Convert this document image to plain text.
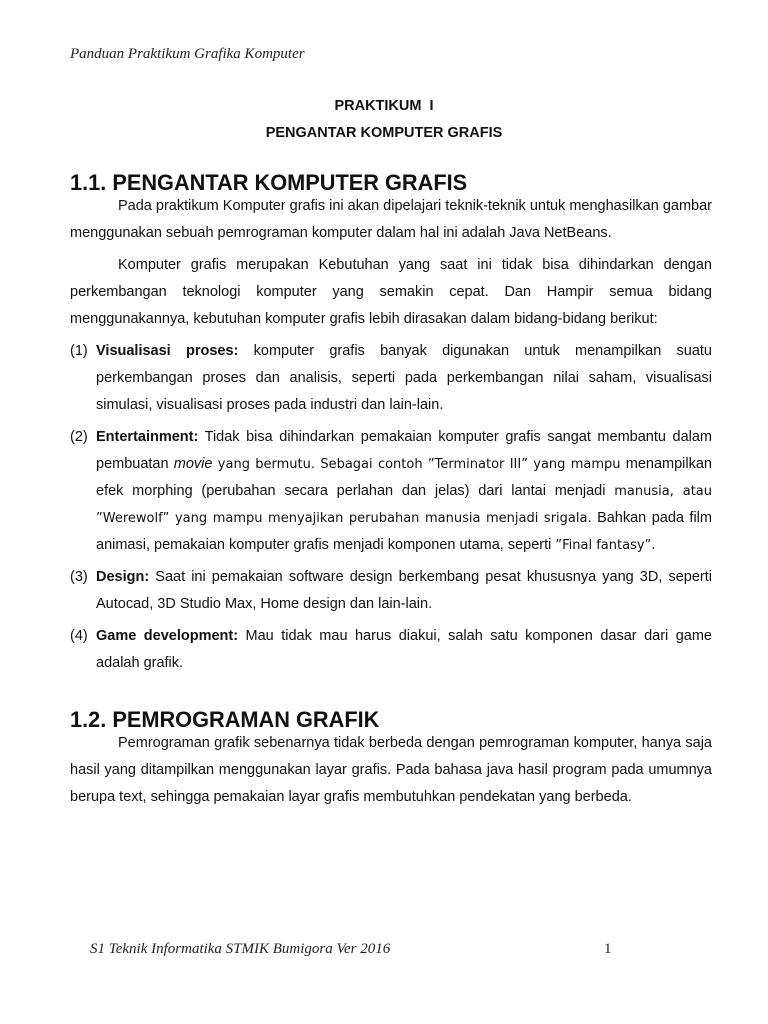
Panduan Praktikum Grafika Komputer
PRAKTIKUM  I
PENGANTAR KOMPUTER GRAFIS
1.1. PENGANTAR KOMPUTER GRAFIS

Pada praktikum Komputer grafis ini akan dipelajari teknik-teknik untuk menghasilkan gambar menggunakan sebuah pemrograman komputer dalam hal ini adalah Java NetBeans.

Komputer grafis merupakan Kebutuhan yang saat ini tidak bisa dihindarkan dengan perkembangan teknologi komputer yang semakin cepat. Dan Hampir semua bidang menggunakannya, kebutuhan komputer grafis lebih dirasakan dalam bidang-bidang berikut:

(1) Visualisasi proses: komputer grafis banyak digunakan untuk menampilkan suatu perkembangan proses dan analisis, seperti pada perkembangan nilai saham, visualisasi simulasi, visualisasi proses pada industri dan lain-lain.
(2) Entertainment: Tidak bisa dihindarkan pemakaian komputer grafis sangat membantu dalam pembuatan movie yang bermutu. Sebagai contoh ”Terminator III” yang mampu menampilkan efek morphing (perubahan secara perlahan dan jelas) dari lantai menjadi manusia, atau ”Werewolf” yang mampu menyajikan perubahan manusia menjadi srigala. Bahkan pada film animasi, pemakaian komputer grafis menjadi komponen utama, seperti ”Final fantasy”.
(3) Design: Saat ini pemakaian software design berkembang pesat khususnya yang 3D, seperti Autocad, 3D Studio Max, Home design dan lain-lain.
(4) Game development: Mau tidak mau harus diakui, salah satu komponen dasar dari game adalah grafik.
1.2. PEMROGRAMAN GRAFIK

Pemrograman grafik sebenarnya tidak berbeda dengan pemrograman komputer, hanya saja hasil yang ditampilkan menggunakan layar grafis. Pada bahasa java hasil program pada umumnya berupa text, sehingga pemakaian layar grafis membutuhkan pendekatan yang berbeda.

S1 Teknik Informatika STMIK Bumigora Ver 2016	1
